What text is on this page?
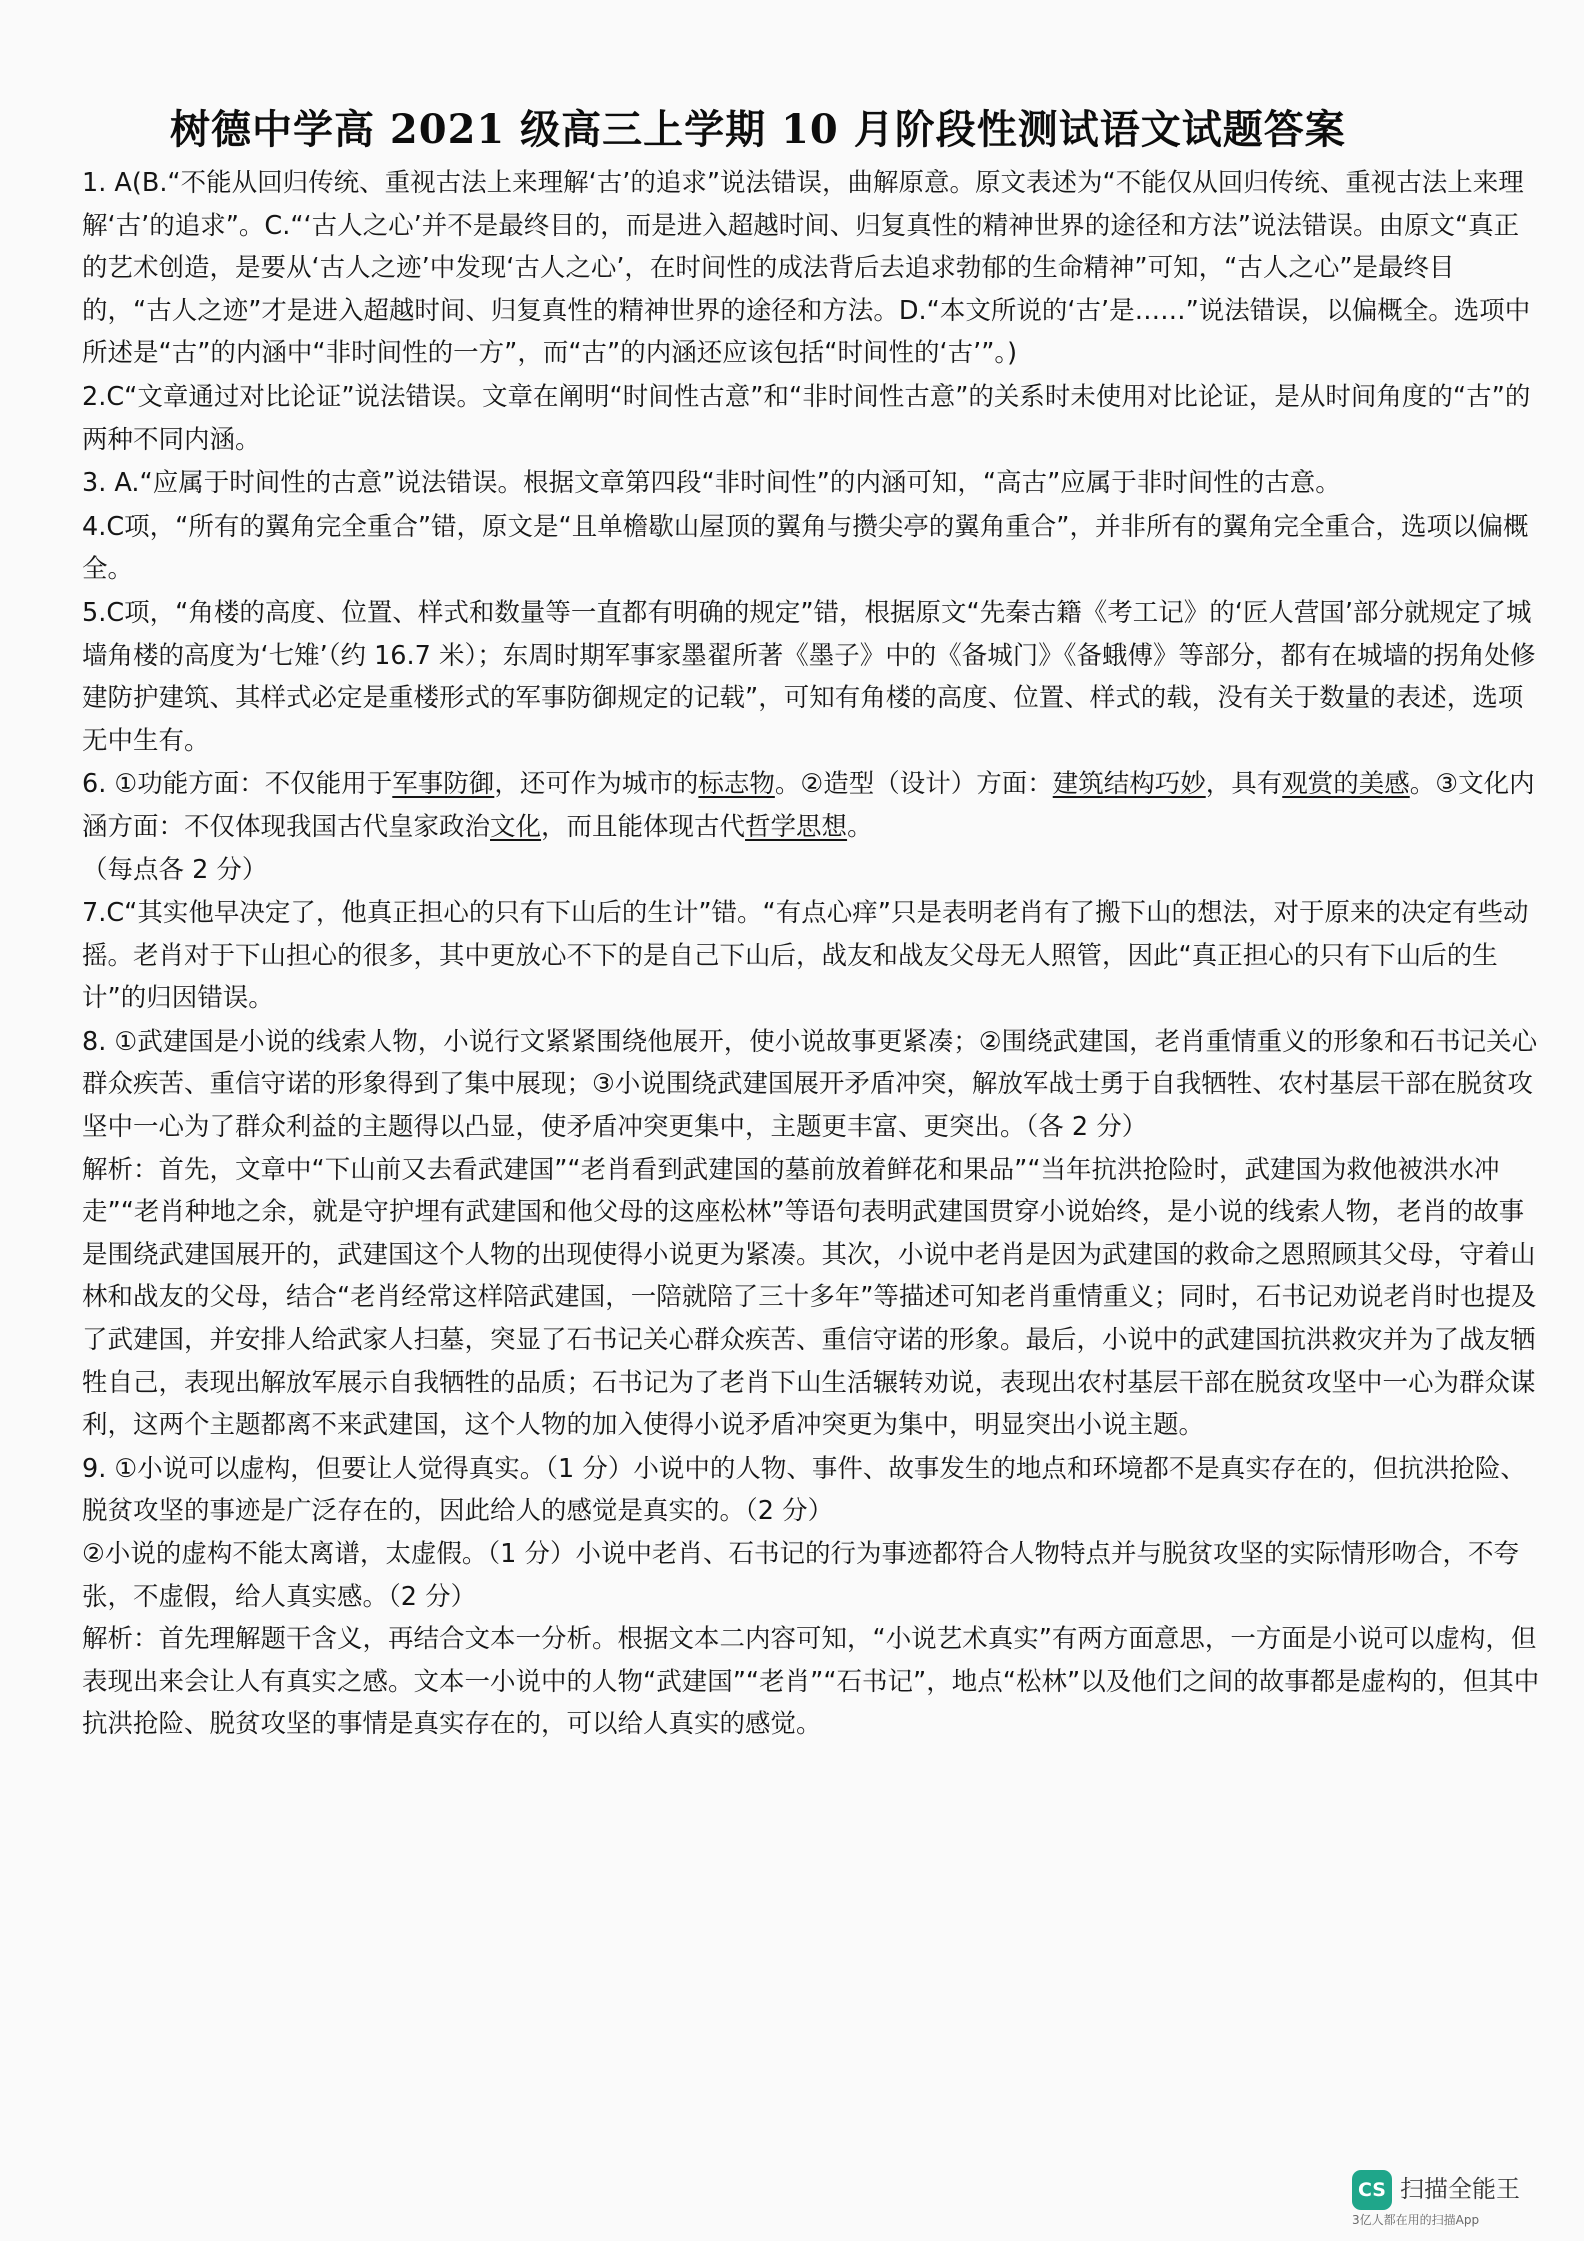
树德中学高 2021 级高三上学期 10 月阶段性测试语文试题答案

1. A(B.“不能从回归传统、重视古法上来理解‘古’的追求”说法错误，曲解原意。原文表述为“不能仅从回归传统、重视古法上来理解‘古’的追求”。C.“‘古人之心’并不是最终目的，而是进入超越时间、归复真性的精神世界的途径和方法”说法错误。由原文“真正的艺术创造，是要从‘古人之迹’中发现‘古人之心’，在时间性的成法背后去追求勃郁的生命精神”可知，“古人之心”是最终目的，“古人之迹”才是进入超越时间、归复真性的精神世界的途径和方法。D.“本文所说的‘古’是……”说法错误，以偏概全。选项中所述是“古”的内涵中“非时间性的一方”，而“古”的内涵还应该包括“时间性的‘古’”。)

2.C“文章通过对比论证”说法错误。文章在阐明“时间性古意”和“非时间性古意”的关系时未使用对比论证，是从时间角度的“古”的两种不同内涵。

3. A.“应属于时间性的古意”说法错误。根据文章第四段“非时间性”的内涵可知，“高古”应属于非时间性的古意。

4.C项，“所有的翼角完全重合”错，原文是“且单檐歇山屋顶的翼角与攒尖亭的翼角重合”，并非所有的翼角完全重合，选项以偏概全。

5.C项，“角楼的高度、位置、样式和数量等一直都有明确的规定”错，根据原文“先秦古籍《考工记》的‘匠人营国’部分就规定了城墙角楼的高度为‘七雉’（约 16.7 米）；东周时期军事家墨翟所著《墨子》中的《备城门》《备蛾傅》等部分，都有在城墙的拐角处修建防护建筑、其样式必定是重楼形式的军事防御规定的记载”，可知有角楼的高度、位置、样式的载，没有关于数量的表述，选项无中生有。

6. ①功能方面：不仅能用于军事防御，还可作为城市的标志物。②造型（设计）方面：建筑结构巧妙，具有观赏的美感。③文化内涵方面：不仅体现我国古代皇家政治文化，而且能体现古代哲学思想。

（每点各 2 分）

7.C“其实他早决定了，他真正担心的只有下山后的生计”错。“有点心痒”只是表明老肖有了搬下山的想法，对于原来的决定有些动摇。老肖对于下山担心的很多，其中更放心不下的是自己下山后，战友和战友父母无人照管，因此“真正担心的只有下山后的生计”的归因错误。

8. ①武建国是小说的线索人物，小说行文紧紧围绕他展开，使小说故事更紧凑；②围绕武建国，老肖重情重义的形象和石书记关心群众疾苦、重信守诺的形象得到了集中展现；③小说围绕武建国展开矛盾冲突，解放军战士勇于自我牺牲、农村基层干部在脱贫攻坚中一心为了群众利益的主题得以凸显，使矛盾冲突更集中，主题更丰富、更突出。（各 2 分）

解析：首先，文章中“下山前又去看武建国”“老肖看到武建国的墓前放着鲜花和果品”“当年抗洪抢险时，武建国为救他被洪水冲走”“老肖种地之余，就是守护埋有武建国和他父母的这座松林”等语句表明武建国贯穿小说始终，是小说的线索人物，老肖的故事是围绕武建国展开的，武建国这个人物的出现使得小说更为紧凑。其次，小说中老肖是因为武建国的救命之恩照顾其父母，守着山林和战友的父母，结合“老肖经常这样陪武建国，一陪就陪了三十多年”等描述可知老肖重情重义；同时，石书记劝说老肖时也提及了武建国，并安排人给武家人扫墓，突显了石书记关心群众疾苦、重信守诺的形象。最后，小说中的武建国抗洪救灾并为了战友牺牲自己，表现出解放军展示自我牺牲的品质；石书记为了老肖下山生活辗转劝说，表现出农村基层干部在脱贫攻坚中一心为群众谋利，这两个主题都离不来武建国，这个人物的加入使得小说矛盾冲突更为集中，明显突出小说主题。

9. ①小说可以虚构，但要让人觉得真实。（1 分）小说中的人物、事件、故事发生的地点和环境都不是真实存在的，但抗洪抢险、脱贫攻坚的事迹是广泛存在的，因此给人的感觉是真实的。（2 分）

②小说的虚构不能太离谱，太虚假。（1 分）小说中老肖、石书记的行为事迹都符合人物特点并与脱贫攻坚的实际情形吻合，不夸张，不虚假，给人真实感。（2 分）

解析：首先理解题干含义，再结合文本一分析。根据文本二内容可知，“小说艺术真实”有两方面意思，一方面是小说可以虚构，但表现出来会让人有真实之感。文本一小说中的人物“武建国”“老肖”“石书记”，地点“松林”以及他们之间的故事都是虚构的，但其中抗洪抢险、脱贫攻坚的事情是真实存在的，可以给人真实的感觉。

CS 扫描全能王
3亿人都在用的扫描App
